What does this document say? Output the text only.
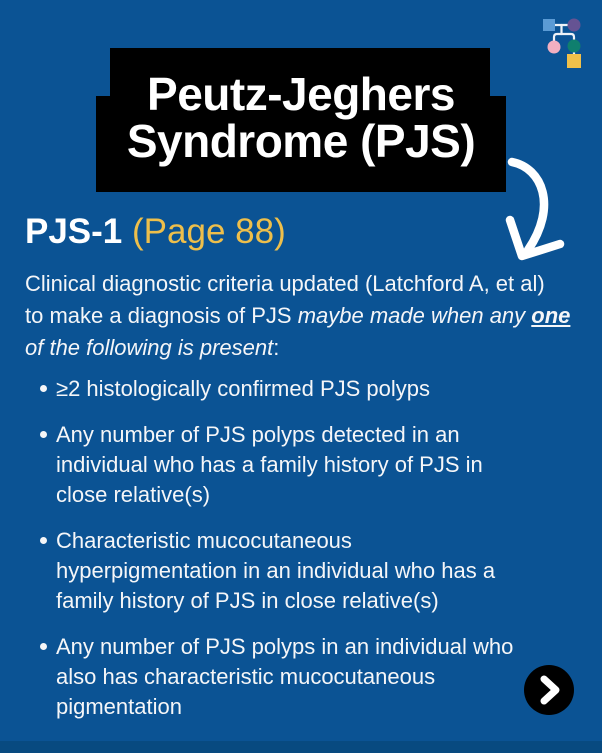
Peutz-Jeghers
Syndrome (PJS)
PJS-1 (Page 88)
Clinical diagnostic criteria updated (Latchford A, et al)
to make a diagnosis of PJS maybe made when any one
of the following is present:
≥2 histologically confirmed PJS polyps
Any number of PJS polyps detected in an individual who has a family history of PJS in close relative(s)
Characteristic mucocutaneous hyperpigmentation in an individual who has a family history of PJS in close relative(s)
Any number of PJS polyps in an individual who also has characteristic mucocutaneous pigmentation
